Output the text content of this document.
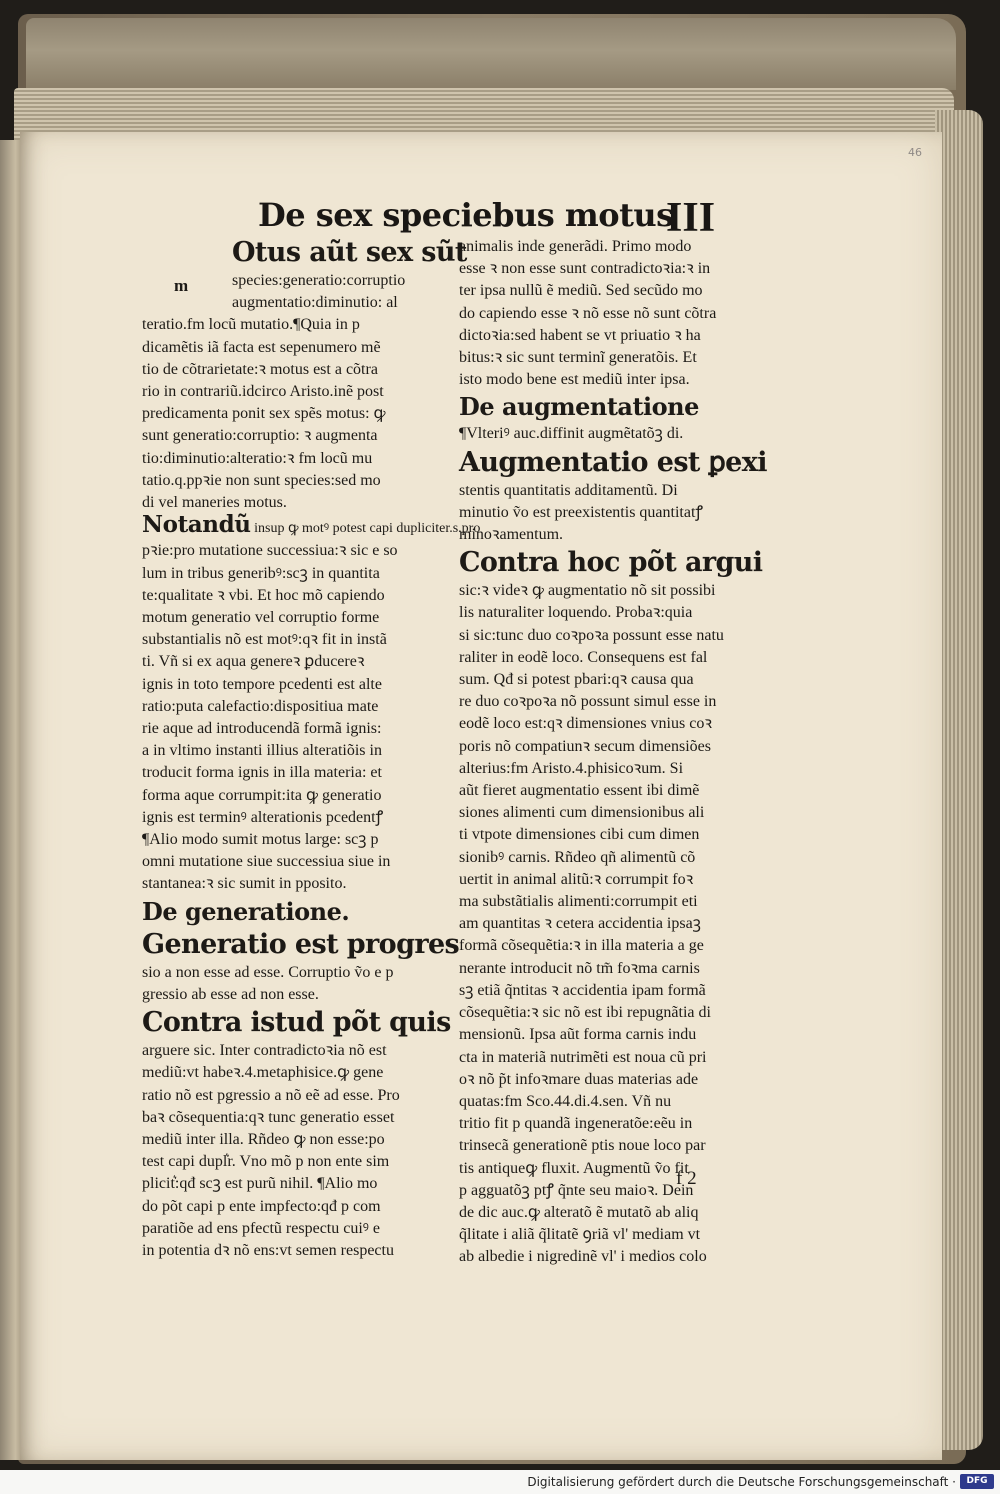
46
De sex speciebus motus
III
m

Otus aũt sex sũt

species:generatio:corruptio

augmentatio:diminutio: al

teratio.fm locũ mutatio.¶Quia in p

dicamẽtis iã facta est sepenumero mẽ

tio de cõtrarietate:ꝛ motus est a cõtra

rio in contrariũ.idcirco Aristo.inẽ post

predicamenta ponit sex spẽs motus: ꝙ

sunt generatio:corruptio: ꝛ augmenta

tio:diminutio:alteratio:ꝛ fm locũ mu

tatio.q.ppꝛie non sunt species:sed mo

di vel maneries motus.

Notandũ insup ꝙ motꝰ potest capi dupliciter.s.pro

pꝛie:pro mutatione successiua:ꝛ sic e so

lum in tribus generibꝰ:scꝫ in quantita

te:qualitate ꝛ vbi. Et hoc mõ capiendo

motum generatio vel corruptio forme

substantialis nõ est motꝰ:qꝛ fit in instã

ti. Vñ si ex aqua genereꝛ ꝑducereꝛ

ignis in toto tempore pcedenti est alte

ratio:puta calefactio:dispositiua mate

rie aque ad introducendã formã ignis:

a in vltimo instanti illius alteratiõis in

troducit forma ignis in illa materia: et

forma aque corrumpit:ita ꝙ generatio

ignis est terminꝰ alterationis pcedentꝭ

¶Alio modo sumit motus large: scꝫ p

omni mutatione siue successiua siue in

stantanea:ꝛ sic sumit in pposito.

De generatione.

Generatio est progres

sio a non esse ad esse. Corruptio ṽo e p

gressio ab esse ad non esse.

Contra istud põt quis

arguere sic. Inter contradictoꝛia nõ est

mediũ:vt habeꝛ.4.metaphisice.ꝙ gene

ratio nõ est pgressio a nõ eẽ ad esse. Pro

baꝛ cõsequentia:qꝛ tunc generatio esset

mediũ inter illa. Rñdeo ꝙ non esse:po

test capi dupl͛r. Vno mõ p non ente sim

plicit͛:qđ scꝫ est purũ nihil. ¶Alio mo

do põt capi p ente impfecto:qđ p com

paratiõe ad ens pfectũ respectu cuiꝰ e

in potentia dꝛ nõ ens:vt semen respectu

animalis inde generãdi. Primo modo

esse ꝛ non esse sunt contradictoꝛia:ꝛ in

ter ipsa nullũ ẽ mediũ. Sed secũdo mo

do capiendo esse ꝛ nõ esse nõ sunt cõtra

dictoꝛia:sed habent se vt priuatio ꝛ ha

bitus:ꝛ sic sunt terminĩ generatõis. Et

isto modo bene est mediũ inter ipsa.

De augmentatione

¶Vlteriꝰ auc.diffinit augmẽtatõꝫ di.

Augmentatio est ꝑexi

stentis quantitatis additamentũ. Di

minutio ṽo est preexistentis quantitatꝭ

minoꝛamentum.

Contra hoc põt argui

sic:ꝛ videꝛ ꝙ augmentatio nõ sit possibi

lis naturaliter loquendo. Probaꝛ:quia

si sic:tunc duo coꝛpoꝛa possunt esse natu

raliter in eodẽ loco. Consequens est fal

sum. Qđ si potest pbari:qꝛ causa qua

re duo coꝛpoꝛa nõ possunt simul esse in

eodẽ loco est:qꝛ dimensiones vnius coꝛ

poris nõ compatiunꝛ secum dimensiões

alterius:fm Aristo.4.phisicoꝛum. Si

aũt fieret augmentatio essent ibi dimẽ

siones alimenti cum dimensionibus ali

ti vtpote dimensiones cibi cum dimen

sionibꝰ carnis. Rñdeo qñ alimentũ cõ

uertit in animal alitũ:ꝛ corrumpit foꝛ

ma substãtialis alimenti:corrumpit eti

am quantitas ꝛ cetera accidentia ipsaꝫ

formã cõsequẽtia:ꝛ in illa materia a ge

nerante introducit nõ tm̃ foꝛma carnis

sꝫ etiã q̃ntitas ꝛ accidentia ipam formã

cõsequẽtia:ꝛ sic nõ est ibi repugnãtia di

mensionũ. Ipsa aũt forma carnis indu

cta in materiã nutrimẽti est noua cũ pri

oꝛ nõ p̃t infoꝛmare duas materias ade

quatas:fm Sco.44.di.4.sen. Vñ nu

tritio fit p quandã ingeneratõe:eẽu in

trinsecã generationẽ ptis noue loco par

tis antiqueꝙ fluxit. Augmentũ ṽo fit

p agguatõꝫ ptꝭ q̃nte seu maioꝛ. Dein

de dic auc.ꝙ alteratõ ẽ mutatõ ab aliq

q̃litate i aliã q̃litatẽ ꝯriã vl' mediam vt

ab albedie i nigredinẽ vl' i medios colo

f 2
Digitalisierung gefördert durch die Deutsche Forschungsgemeinschaft ·	DFG
